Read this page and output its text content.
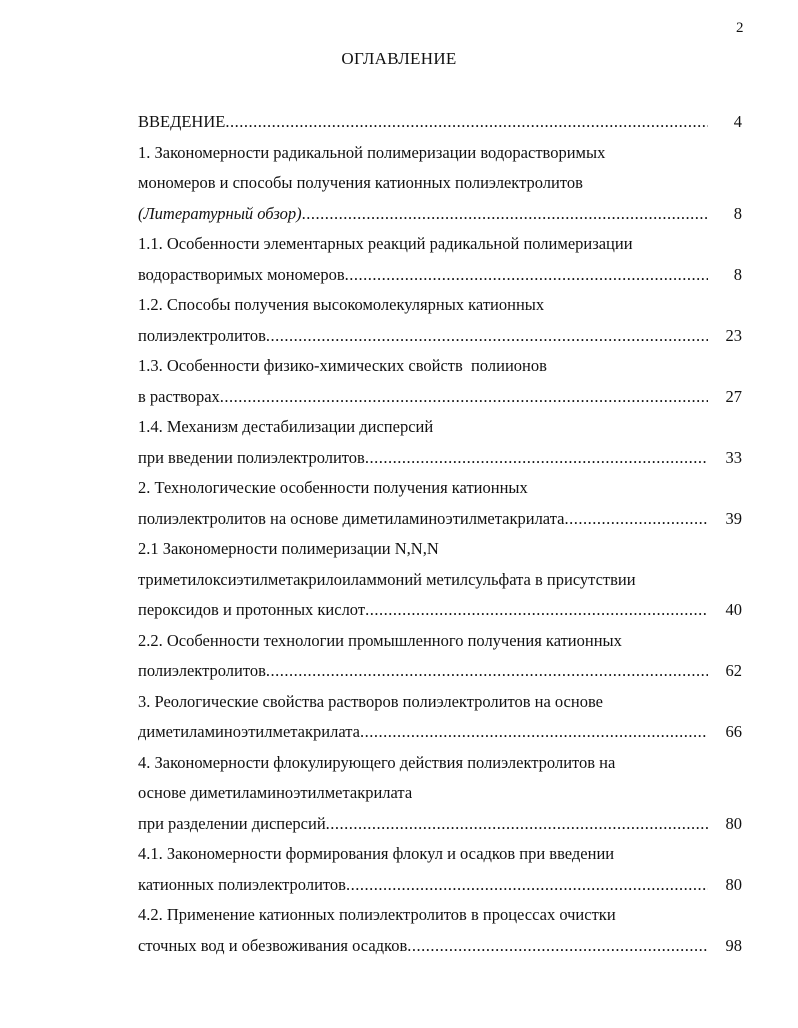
2
ОГЛАВЛЕНИЕ
ВВЕДЕНИЕ .....	4
1. Закономерности радикальной полимеризации водорастворимых
мономеров и способы получения катионных полиэлектролитов
(Литературный обзор) .....	8
1.1. Особенности элементарных реакций радикальной полимеризации
водорастворимых мономеров .....	8
1.2. Способы получения высокомолекулярных катионных
полиэлектролитов .....	23
1.3. Особенности физико-химических свойств  полиионов
в растворах .....	27
1.4. Механизм дестабилизации дисперсий
при введении полиэлектролитов .....	33
2. Технологические особенности получения катионных
полиэлектролитов на основе диметиламиноэтилметакрилата .....	39
2.1 Закономерности полимеризации N,N,N
триметилоксиэтилметакрилоиламмоний метилсульфата в присутствии
пероксидов и протонных кислот .....	40
2.2. Особенности технологии промышленного получения катионных
полиэлектролитов .....	62
3. Реологические свойства растворов полиэлектролитов на основе
диметиламиноэтилметакрилата .....	66
4. Закономерности флокулирующего действия полиэлектролитов на
основе диметиламиноэтилметакрилата
при разделении дисперсий .....	80
4.1. Закономерности формирования флокул и осадков при введении
катионных полиэлектролитов .....	80
4.2. Применение катионных полиэлектролитов в процессах очистки
сточных вод и обезвоживания осадков .....	98
